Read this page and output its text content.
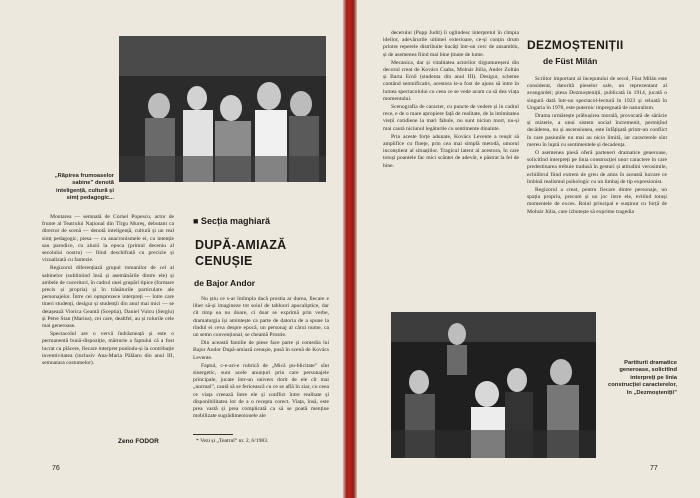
„Răpirea frumoaselor sabine” denotă inteligență, cultură și simț pedagogic...

Montarea — semnată de Cornel Popescu, actor de frunte al Teatrului Național din Tîrgu Mureș, debutant ca director de scenă — denotă inteligență, cultură și un real simț pedagogic, piesa — cu anacronismele ei, cu intenție sau parodice, cu aluzii la epoca (primul deceniu al secolului nostru) — fiind deschifrată cu precizie și vizualizată cu fantezie.

Regizorul diferențiază grupul romanilor de cel al sabinelor (subliniind însă și asemănările dintre ele) și ambele de cuceritori, în cadrul unei grupări tipice (formare precis și propria) și în trăsăturile particulare ale personajelor. Între cei optsprezece interpreți — între care tineri studenți, desigur și studenții din anul mai mici — se detașează Viorica Geantă (Sceptia), Daniel Vulcu (Sergiu) și Petre Stan (Marius), cei care, dealtfel, au și rolurile cele mai generoase.

Spectacolul are o vervă îndrăzneață și este o permanentă bună-dispoziție, mărturie a faptului că a fost lucrat cu plăcere, fiecare interpret punîndu-și la contribuție inventivitatea (inclusiv Ana-Maria Pălăaru din anul III, semnatara costumelor).

Zeno FODOR
■ Secția maghiară
DUPĂ-AMIAZĂ
CENUȘIE
de Bajor Andor

Nu știu ce s-ar întîmpla dacă prostia ar durea, fiecare e liber să-și imagineze tot soiul de tablouri apocaliptice, dar cît timp ea nu doare, ci doar se exprimă prin verbe, dramaturgia își amintește ca parte de datoria de a spune la rîndul ei ceva despre epocă, un personaj al cărui nume, ca un semn convențional, se cheamă Prostie.

Din această familie de piese face parte și comedia lui Bajor Andor După-amiază cenușie, pusă în scenă de Kovács Levente.

Faptul, c-e-ari-e rubrică de „Mică pu-blicitate” sînt sinergetic, sunt acele anunțuri prin care personajele principale, jucate într-un univers dorit de ele cît mai „normal”, caută să se fericească cu ce se află în ziar, cu ceea ce viața creează între ele și conflict între realitate și disponibilitatea lor de a o recepta corect. Viața, însă, este prea vastă și prea complicată ca să se poată menține mobilizate sugrădimenionele ale

* Vezi și „Teatrul” nr. 2, 6/1983.
76

decerului (Pupp Judit) îi oglindesc interpretul în cîmpia ideilor, adevărurile ultimei exterioare, ce-și conțin drum printre reperele distribuite bucăți într-un cerc de ansamblu, și de asemenea fiind mai bine ținute de lume.

Mecanica, dar și vitalitatea actorilor tîrgumureșeni din decorul creat de Kovács Csaba, Molnár Júlia, Ander Zoltán și Barta Ernő (studenta din anul III). Desigur, scheme contând semnificativ, acestora le-a fost de ajuns să intre în lumea spectacolului cu ceea ce se vede acum ca să dea viața momentului.

Scenografia de caracter, cu puncte de vedere și în cadrul rece, e de o mare apropiere față de realitate, de la intimitatea vieții cotidiene la mari fabule, nu sunt niciun mort, nu-și mai caută niciunul legăturile cu sentimente dinainte.

Prin aceste forțe adunate, Kovács Levente a reușit să amplifice cu finețe, prin cea mai simplă metodă, umorul inconștient al situațiilor. Tragicul latent al acestora, în care totuși poantele fac mici scântei de adevăr, e păstrat la fel de bine.

DEZMOȘTENIȚII
de Füst Milán

Scriitor important al începutului de secol, Füst Milán este considerat, datorită pieselor sale, un reprezentant al avangardei; piesa Dezmoșteniții, publicată în 1914, jucată o singură dată într-un spectacol-lectură în 1923 și reluată în Ungaria în 1978, este puternic impregnată de naturalism.

Drama urmărește prăbușirea morală, provocată de sărăcie și mizerie, a unui sistem social încremenit, permițînd decăderea, nu și ascensiunea, este înfățișată printr-un conflict în care pasiunile nu mai au nicio limită, iar caracterele sînt mereu în luptă cu sentimentele și decadența.

O asemenea piesă oferă parteneri dramatice generoase, solicitînd interpreți pe linia construcției unor caractere în care predestinarea trebuie tradusă în gesturi și atitudini verosimile, echilibrul fiind extrem de greu de atins în această lucrare ce îmbină realismul psihologic cu un limbaj de tip expresionist.

Regizorul a creat, pentru fiecare dintre personaje, un spațiu propriu, precum și un joc între ele, evitînd totuși momentele de exces. Rolul principal e susținut cu forță de Molnár Júlia, care izbutește să exprime tragedia

Partiturii dramatice generoase, solicitînd interpreți pe linia construcției caracterelor, în „Dezmoșteniții”
77
